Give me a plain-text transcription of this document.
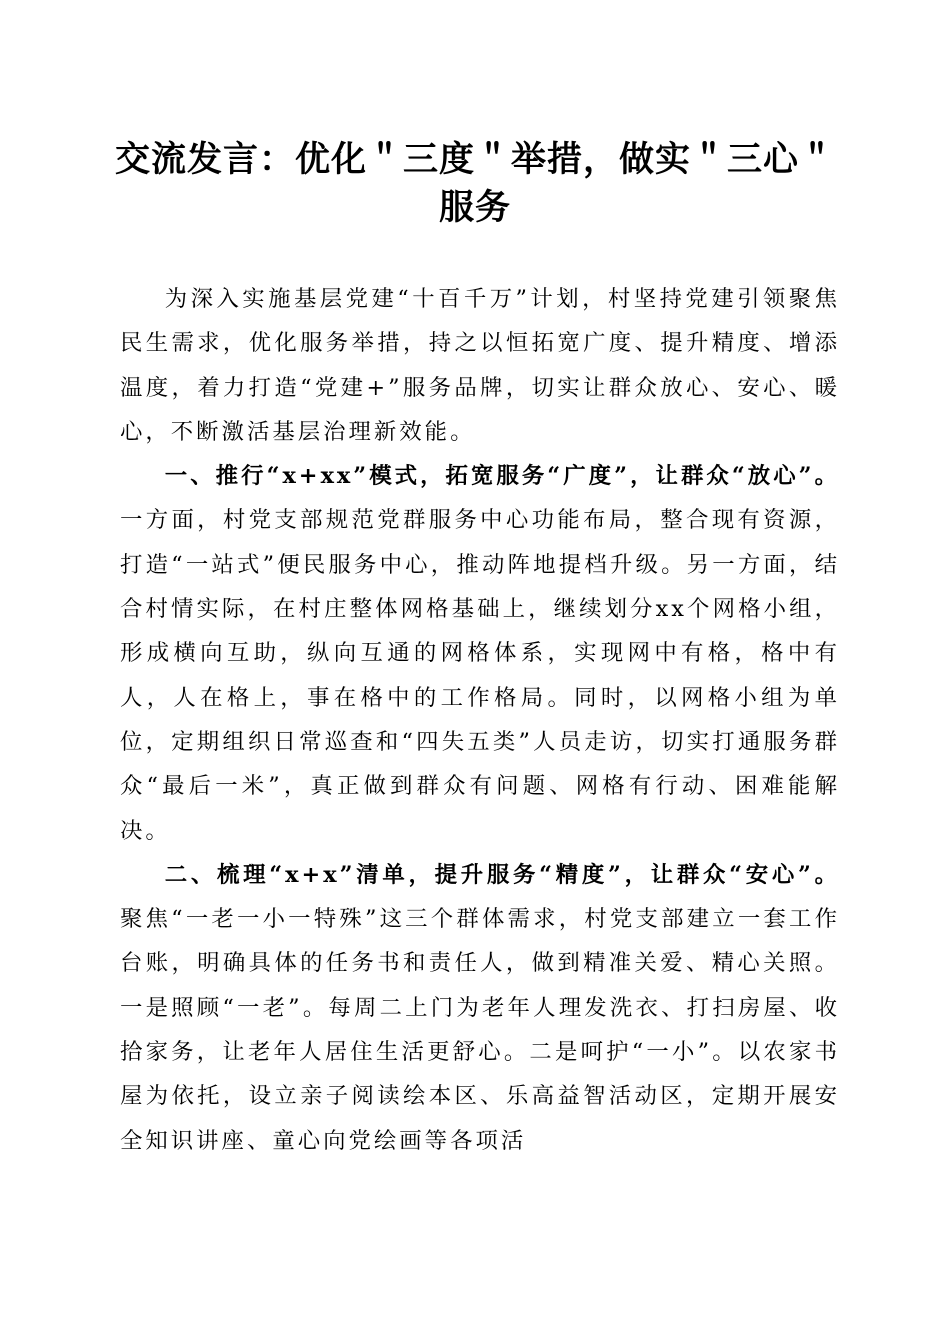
交流发言：优化＂三度＂举措，做实＂三心＂服务

为深入实施基层党建“十百千万”计划，村坚持党建引领聚焦民生需求，优化服务举措，持之以恒拓宽广度、提升精度、增添温度，着力打造“党建+”服务品牌，切实让群众放心、安心、暖心，不断激活基层治理新效能。

一、推行“x+xx”模式，拓宽服务“广度”，让群众“放心”。一方面，村党支部规范党群服务中心功能布局，整合现有资源，打造“一站式”便民服务中心，推动阵地提档升级。另一方面，结合村情实际，在村庄整体网格基础上，继续划分xx个网格小组，形成横向互助，纵向互通的网格体系，实现网中有格，格中有人，人在格上，事在格中的工作格局。同时，以网格小组为单位，定期组织日常巡查和“四失五类”人员走访，切实打通服务群众“最后一米”，真正做到群众有问题、网格有行动、困难能解决。

二、梳理“x+x”清单，提升服务“精度”，让群众“安心”。聚焦“一老一小一特殊”这三个群体需求，村党支部建立一套工作台账，明确具体的任务书和责任人，做到精准关爱、精心关照。一是照顾“一老”。每周二上门为老年人理发洗衣、打扫房屋、收拾家务，让老年人居住生活更舒心。二是呵护“一小”。以农家书屋为依托，设立亲子阅读绘本区、乐高益智活动区，定期开展安全知识讲座、童心向党绘画等各项活
